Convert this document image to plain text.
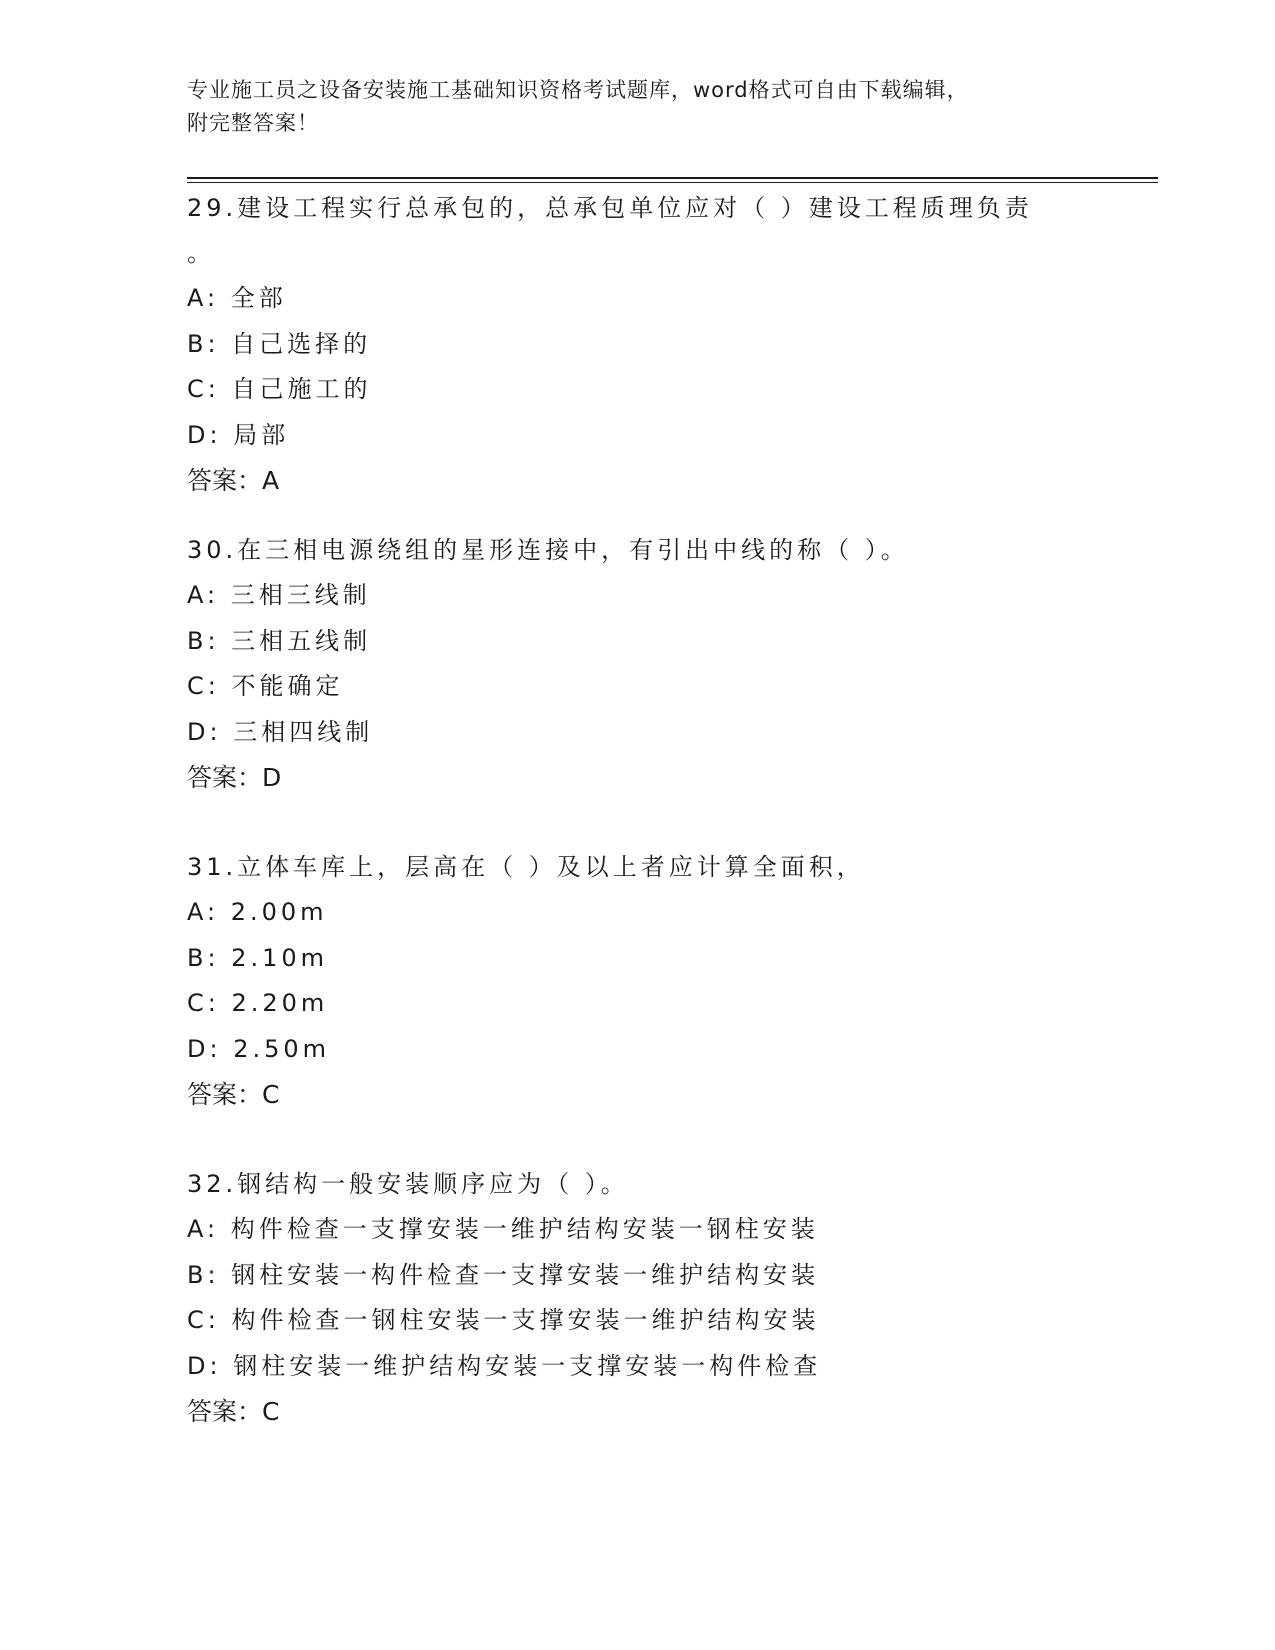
专业施工员之设备安装施工基础知识资格考试题库，word格式可自由下载编辑，
附完整答案！

29.建设工程实行总承包的，总承包单位应对（ ）建设工程质理负责

。

A: 全部

B: 自己选择的

C: 自己施工的

D: 局部

答案：A

30.在三相电源绕组的星形连接中，有引出中线的称（ ）。

A: 三相三线制

B: 三相五线制

C: 不能确定

D: 三相四线制

答案：D

31.立体车库上，层高在（ ）及以上者应计算全面积，

A: 2.00m

B: 2.10m

C: 2.20m

D: 2.50m

答案：C

32.钢结构一般安装顺序应为（ ）。

A: 构件检查一支撑安装一维护结构安装一钢柱安装

B: 钢柱安装一构件检查一支撑安装一维护结构安装

C: 构件检查一钢柱安装一支撑安装一维护结构安装

D: 钢柱安装一维护结构安装一支撑安装一构件检查

答案：C
